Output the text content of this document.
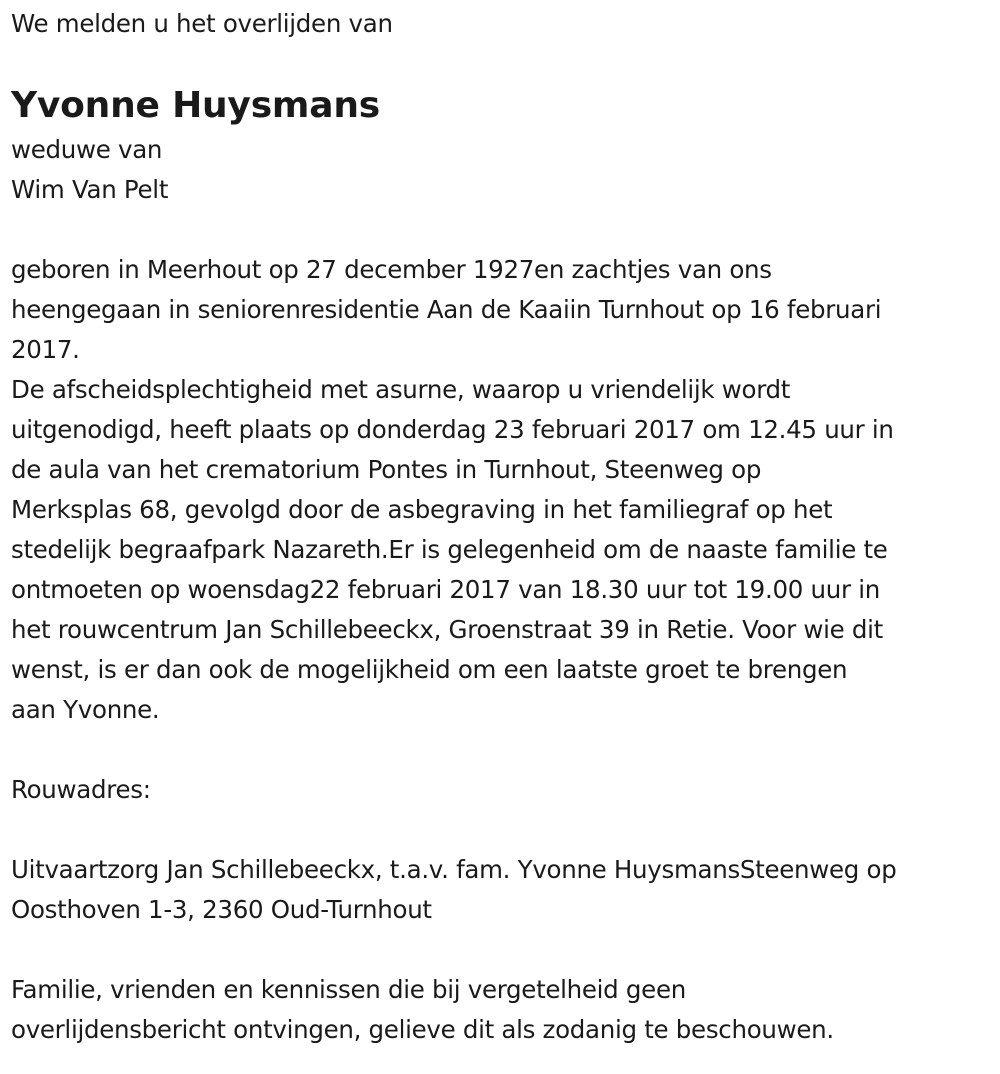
We melden u het overlijden van
Yvonne Huysmans
weduwe van
Wim Van Pelt
geboren in Meerhout op 27 december 1927en zachtjes van ons
heengegaan in seniorenresidentie Aan de Kaaiin Turnhout op 16 februari
2017.
De afscheidsplechtigheid met asurne, waarop u vriendelijk wordt
uitgenodigd, heeft plaats op donderdag 23 februari 2017 om 12.45 uur in
de aula van het crematorium Pontes in Turnhout, Steenweg op
Merksplas 68, gevolgd door de asbegraving in het familiegraf op het
stedelijk begraafpark Nazareth.Er is gelegenheid om de naaste familie te
ontmoeten op woensdag22 februari 2017 van 18.30 uur tot 19.00 uur in
het rouwcentrum Jan Schillebeeckx, Groenstraat 39 in Retie. Voor wie dit
wenst, is er dan ook de mogelijkheid om een laatste groet te brengen
aan Yvonne.
Rouwadres:
Uitvaartzorg Jan Schillebeeckx, t.a.v. fam. Yvonne HuysmansSteenweg op
Oosthoven 1-3, 2360 Oud-Turnhout
Familie, vrienden en kennissen die bij vergetelheid geen
overlijdensbericht ontvingen, gelieve dit als zodanig te beschouwen.
